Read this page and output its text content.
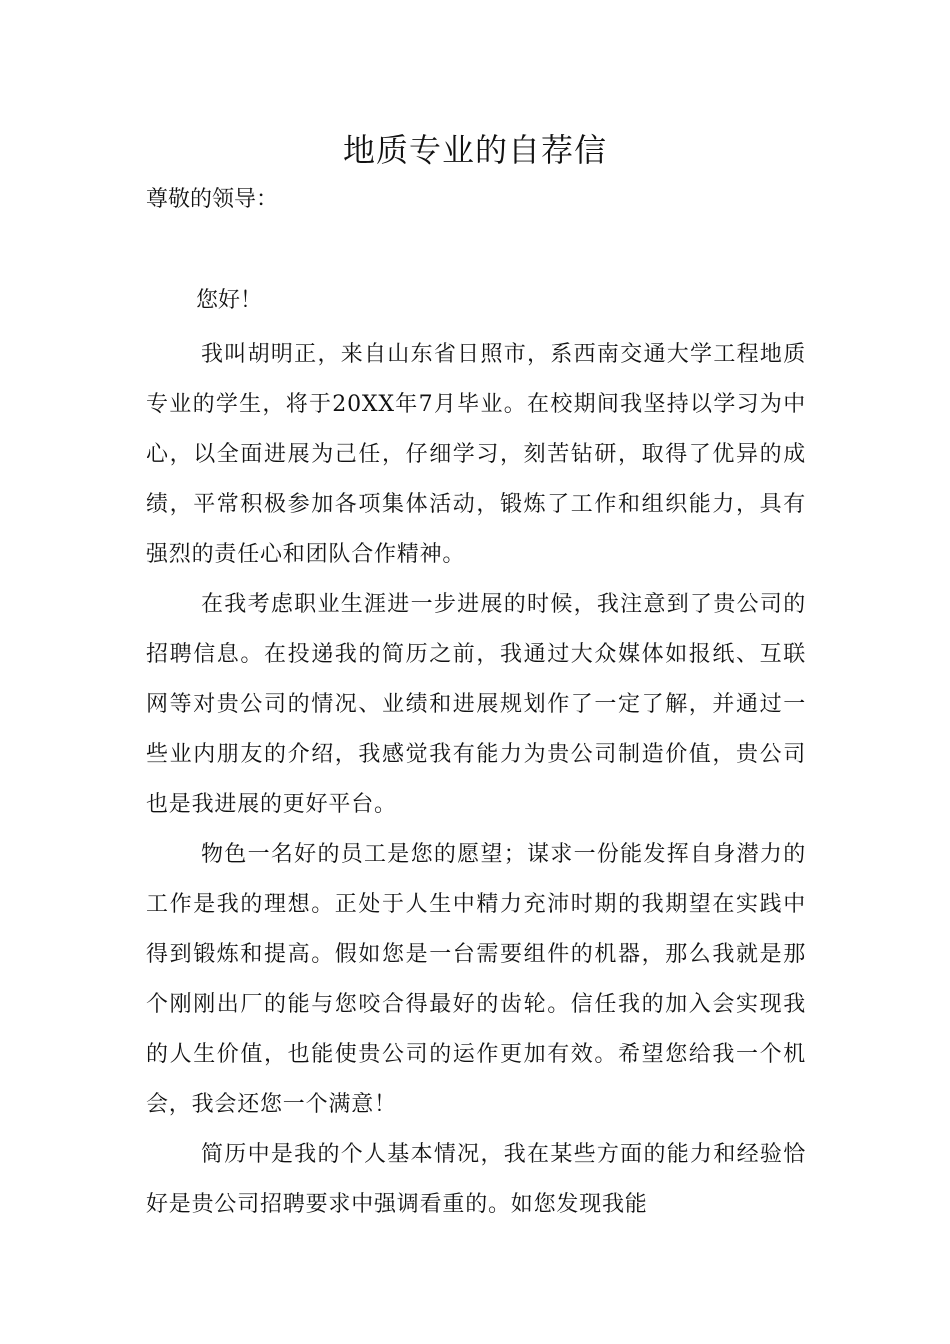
地质专业的自荐信

尊敬的领导：

您好！

我叫胡明正，来自山东省日照市，系西南交通大学工程地质专业的学生，将于20XX年7月毕业。在校期间我坚持以学习为中心，以全面进展为己任，仔细学习，刻苦钻研，取得了优异的成绩，平常积极参加各项集体活动，锻炼了工作和组织能力，具有强烈的责任心和团队合作精神。

在我考虑职业生涯进一步进展的时候，我注意到了贵公司的招聘信息。在投递我的简历之前，我通过大众媒体如报纸、互联网等对贵公司的情况、业绩和进展规划作了一定了解，并通过一些业内朋友的介绍，我感觉我有能力为贵公司制造价值，贵公司也是我进展的更好平台。

物色一名好的员工是您的愿望；谋求一份能发挥自身潜力的工作是我的理想。正处于人生中精力充沛时期的我期望在实践中得到锻炼和提高。假如您是一台需要组件的机器，那么我就是那个刚刚出厂的能与您咬合得最好的齿轮。信任我的加入会实现我的人生价值，也能使贵公司的运作更加有效。希望您给我一个机会，我会还您一个满意！

简历中是我的个人基本情况，我在某些方面的能力和经验恰好是贵公司招聘要求中强调看重的。如您发现我能
